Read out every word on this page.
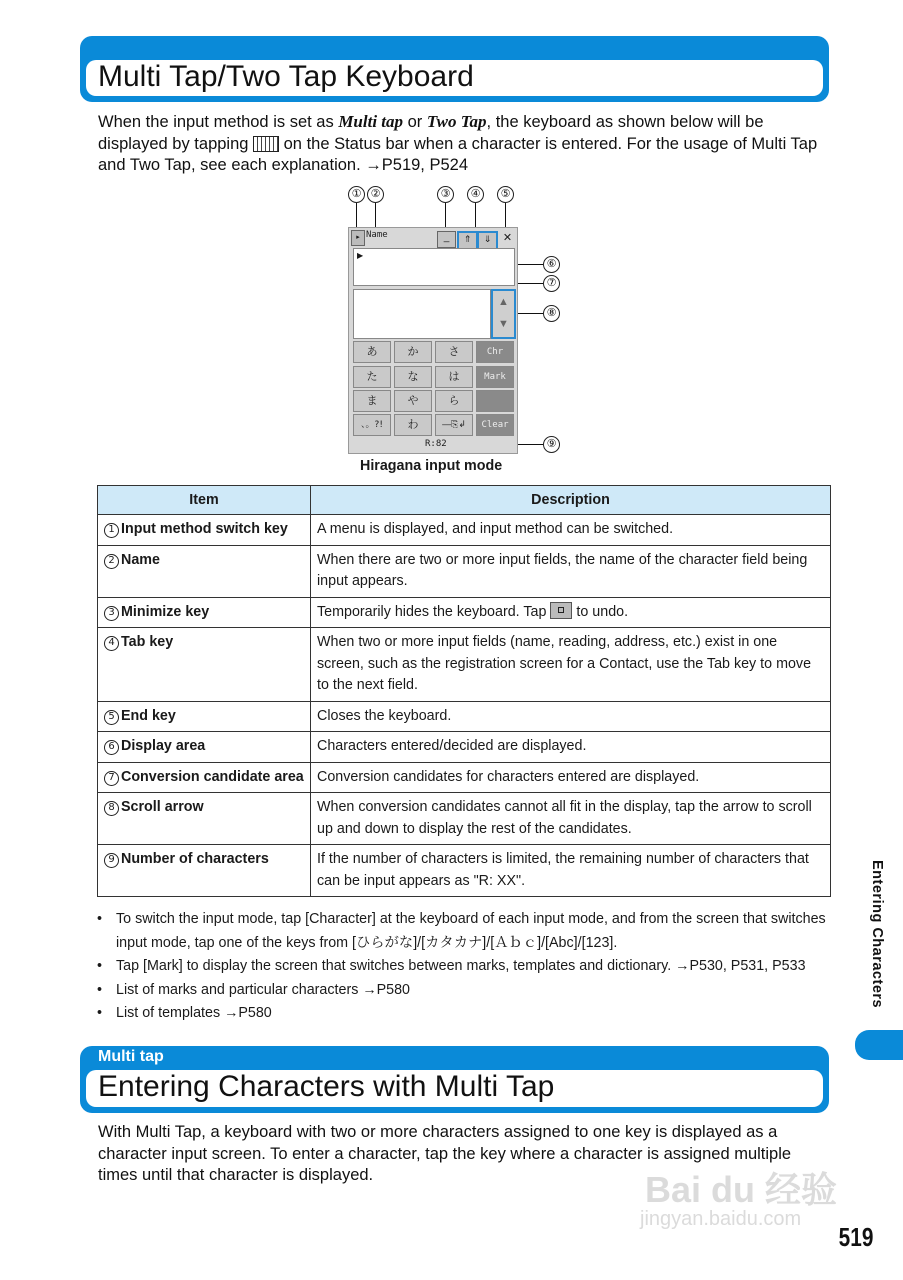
Multi Tap/Two Tap Keyboard
When the input method is set as Multi tap or Two Tap, the keyboard as shown below will be displayed by tapping  on the Status bar when a character is entered. For the usage of Multi Tap and Two Tap, see each explanation. →P519, P524
① ②	③	④	⑤
⑥
⑦
⑧
⑨
▸ Name	_	⇑	⇓	✕
▶
▲
▼
あ	か	さ	Chr
た	な	は	Mark
ま	や	ら
、。?!	わ	―⎘↲	Clear
R:82
Hiragana input mode
Item	Description
1 Input method switch key	A menu is displayed, and input method can be switched.
2 Name	When there are two or more input fields, the name of the character field being input appears.
3 Minimize key	Temporarily hides the keyboard. Tap to undo.
4 Tab key	When two or more input fields (name, reading, address, etc.) exist in one screen, such as the registration screen for a Contact, use the Tab key to move to the next field.
5 End key	Closes the keyboard.
6 Display area	Characters entered/decided are displayed.
7 Conversion candidate area	Conversion candidates for characters entered are displayed.
8 Scroll arrow	When conversion candidates cannot all fit in the display, tap the arrow to scroll up and down to display the rest of the candidates.
9 Number of characters	If the number of characters is limited, the remaining number of characters that can be input appears as "R: XX".
• To switch the input mode, tap [Character] at the keyboard of each input mode, and from the screen that switches input mode, tap one of the keys from [ひらがな]/[カタカナ]/[Ａｂｃ]/[Abc]/[123].
• Tap [Mark] to display the screen that switches between marks, templates and dictionary. →P530, P531, P533
• List of marks and particular characters →P580
• List of templates →P580
Multi tap
Entering Characters with Multi Tap
With Multi Tap, a keyboard with two or more characters assigned to one key is displayed as a character input screen. To enter a character, tap the key where a character is assigned multiple times until that character is displayed.
Entering Characters
Bai du 经验
jingyan.baidu.com
519
